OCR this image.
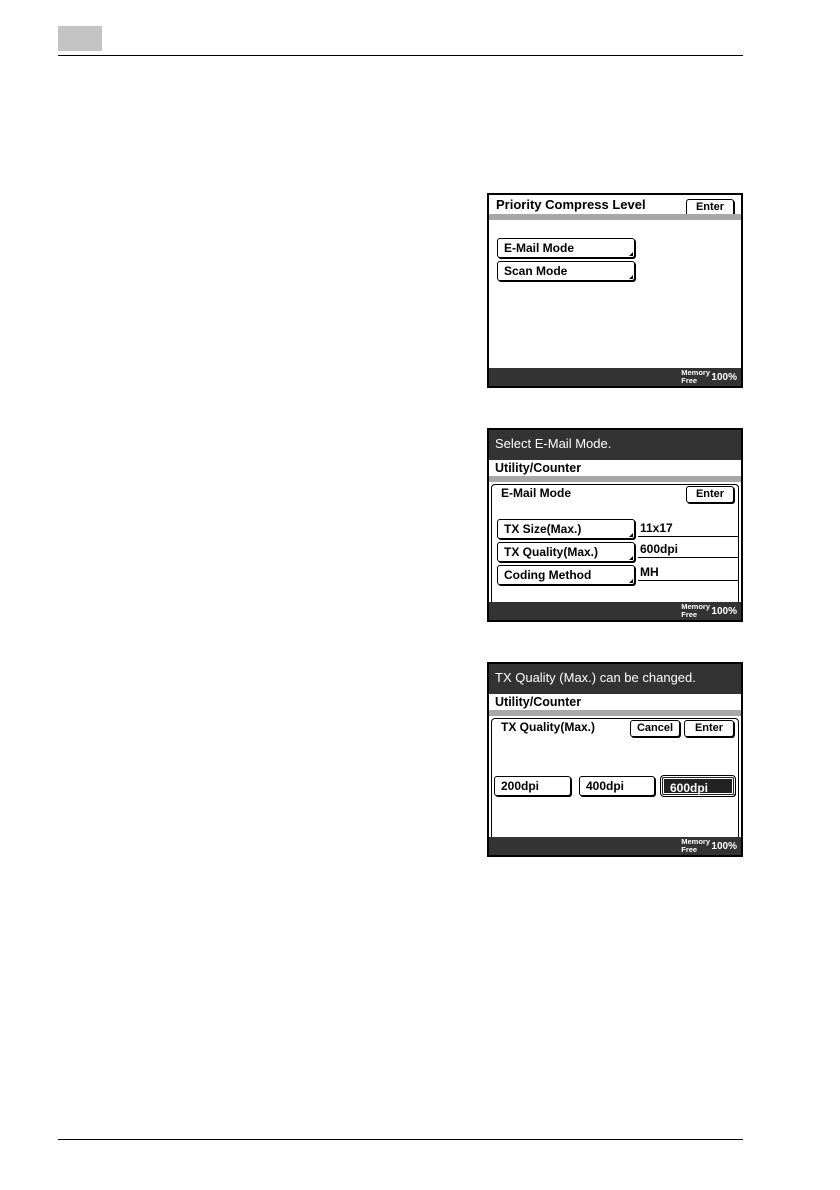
Priority Compress Level	Enter
E-Mail Mode
Scan Mode
Memory
Free	100%
Select E-Mail Mode.
Utility/Counter
E-Mail Mode	Enter
TX Size(Max.)	11x17
TX Quality(Max.)	600dpi
Coding Method	MH
Memory
Free	100%
TX Quality (Max.) can be changed.
Utility/Counter
TX Quality(Max.)	Cancel	Enter
200dpi	400dpi	600dpi
Memory
Free	100%
